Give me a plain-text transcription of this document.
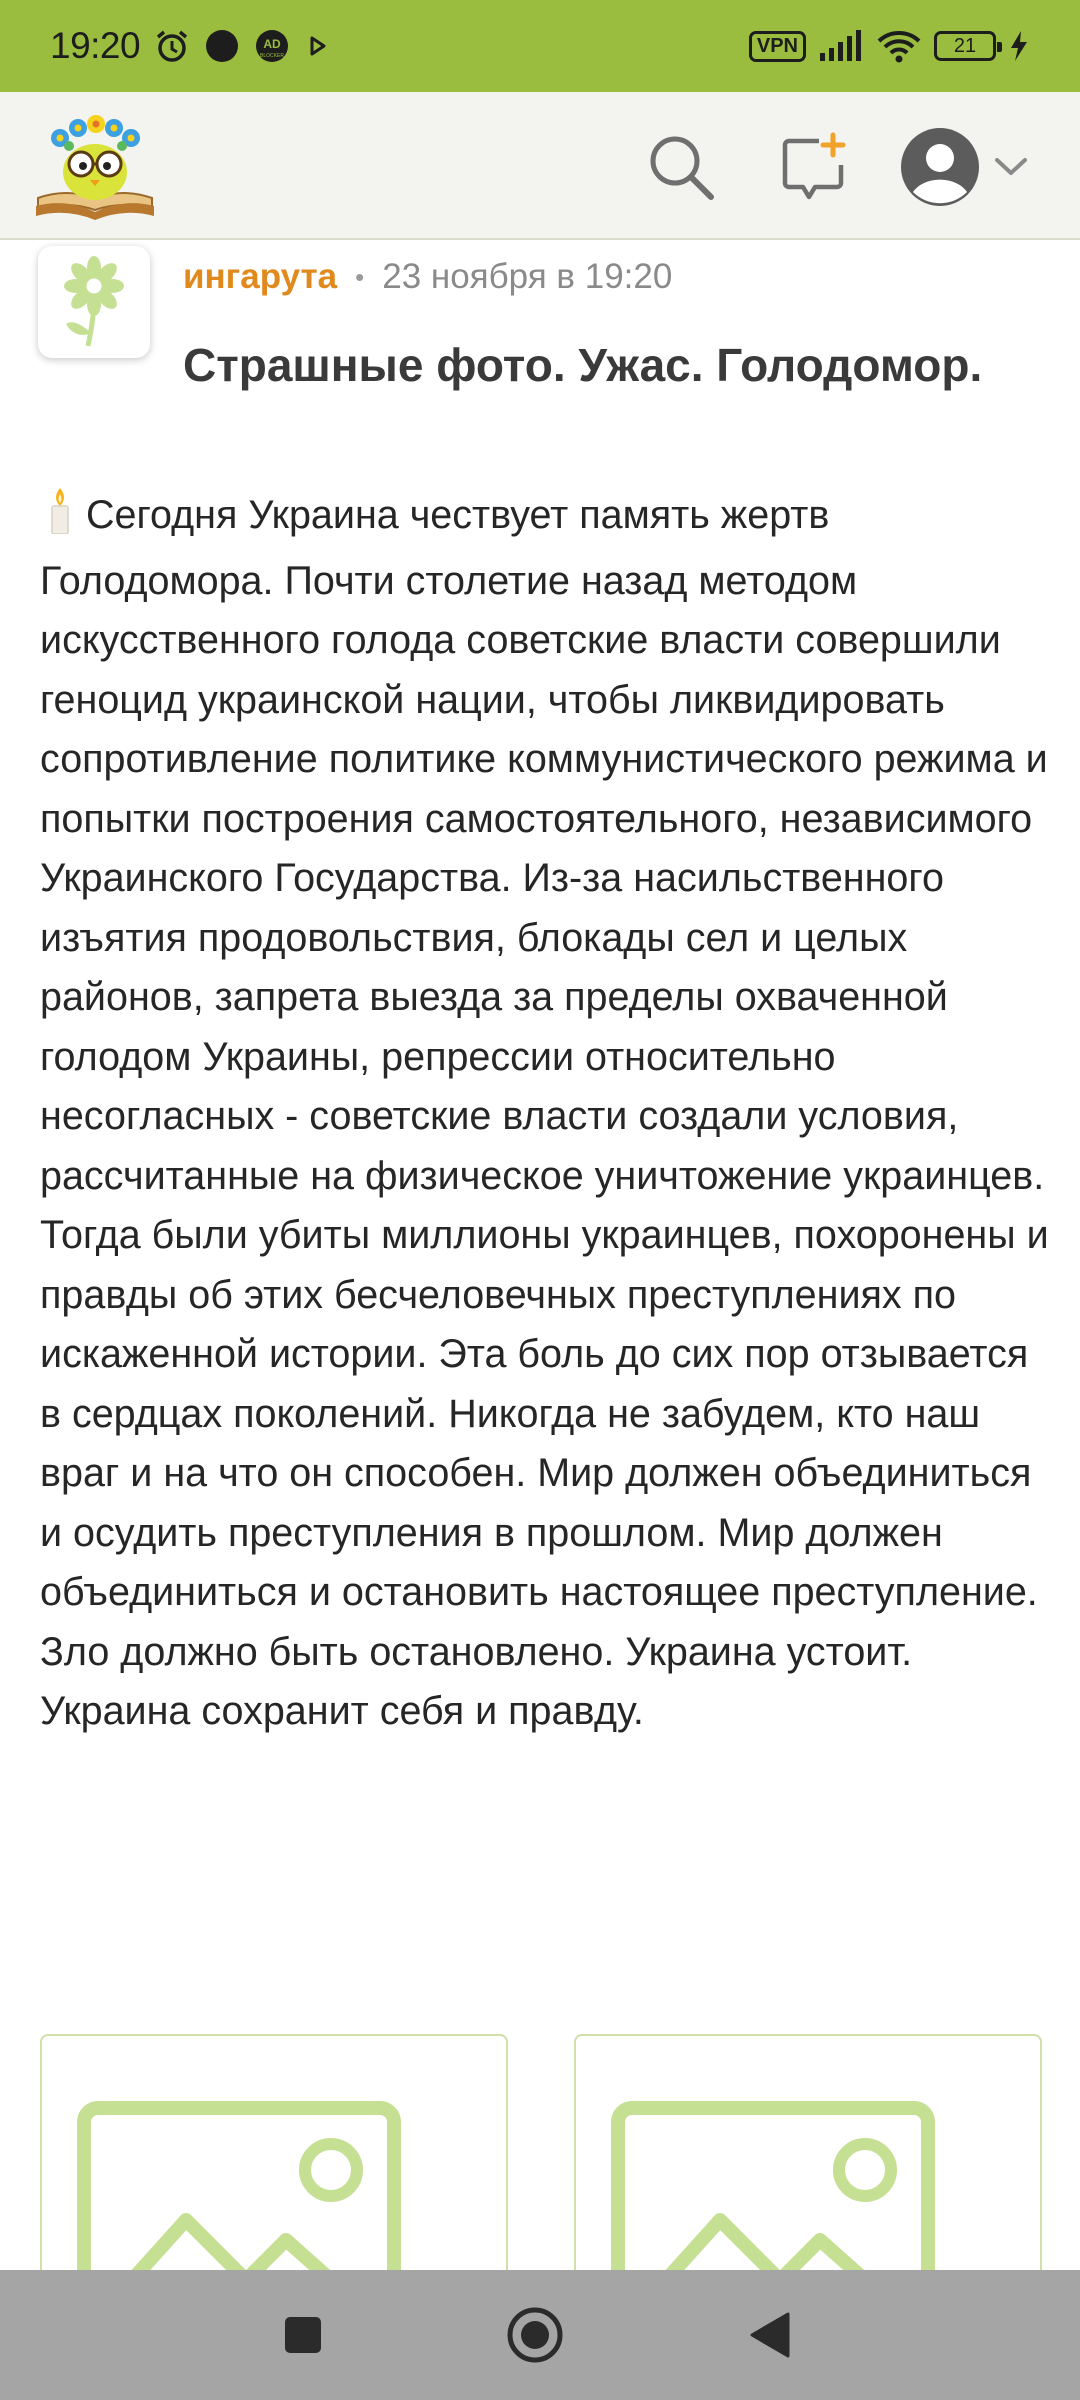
19:20	AD
BLOCKER	VPN	21
ингарута • 23 ноября в 19:20
Страшные фото. Ужас. Голодомор.
Сегодня Украина чествует память жертв Голодомора. Почти столетие назад методом искусственного голода советские власти совершили геноцид украинской нации, чтобы ликвидировать сопротивление политике коммунистического режима и попытки построения самостоятельного, независимого Украинского Государства. Из-за насильственного изъятия продовольствия, блокады сел и целых районов, запрета выезда за пределы охваченной голодом Украины, репрессии относительно несогласных - советские власти создали условия, рассчитанные на физическое уничтожение украинцев. Тогда были убиты миллионы украинцев, похоронены и правды об этих бесчеловечных преступлениях по искаженной истории. Эта боль до сих пор отзывается в сердцах поколений. Никогда не забудем, кто наш враг и на что он способен. Мир должен объединиться и осудить преступления в прошлом. Мир должен объединиться и остановить настоящее преступление. Зло должно быть остановлено. Украина устоит. Украина сохранит себя и правду.
